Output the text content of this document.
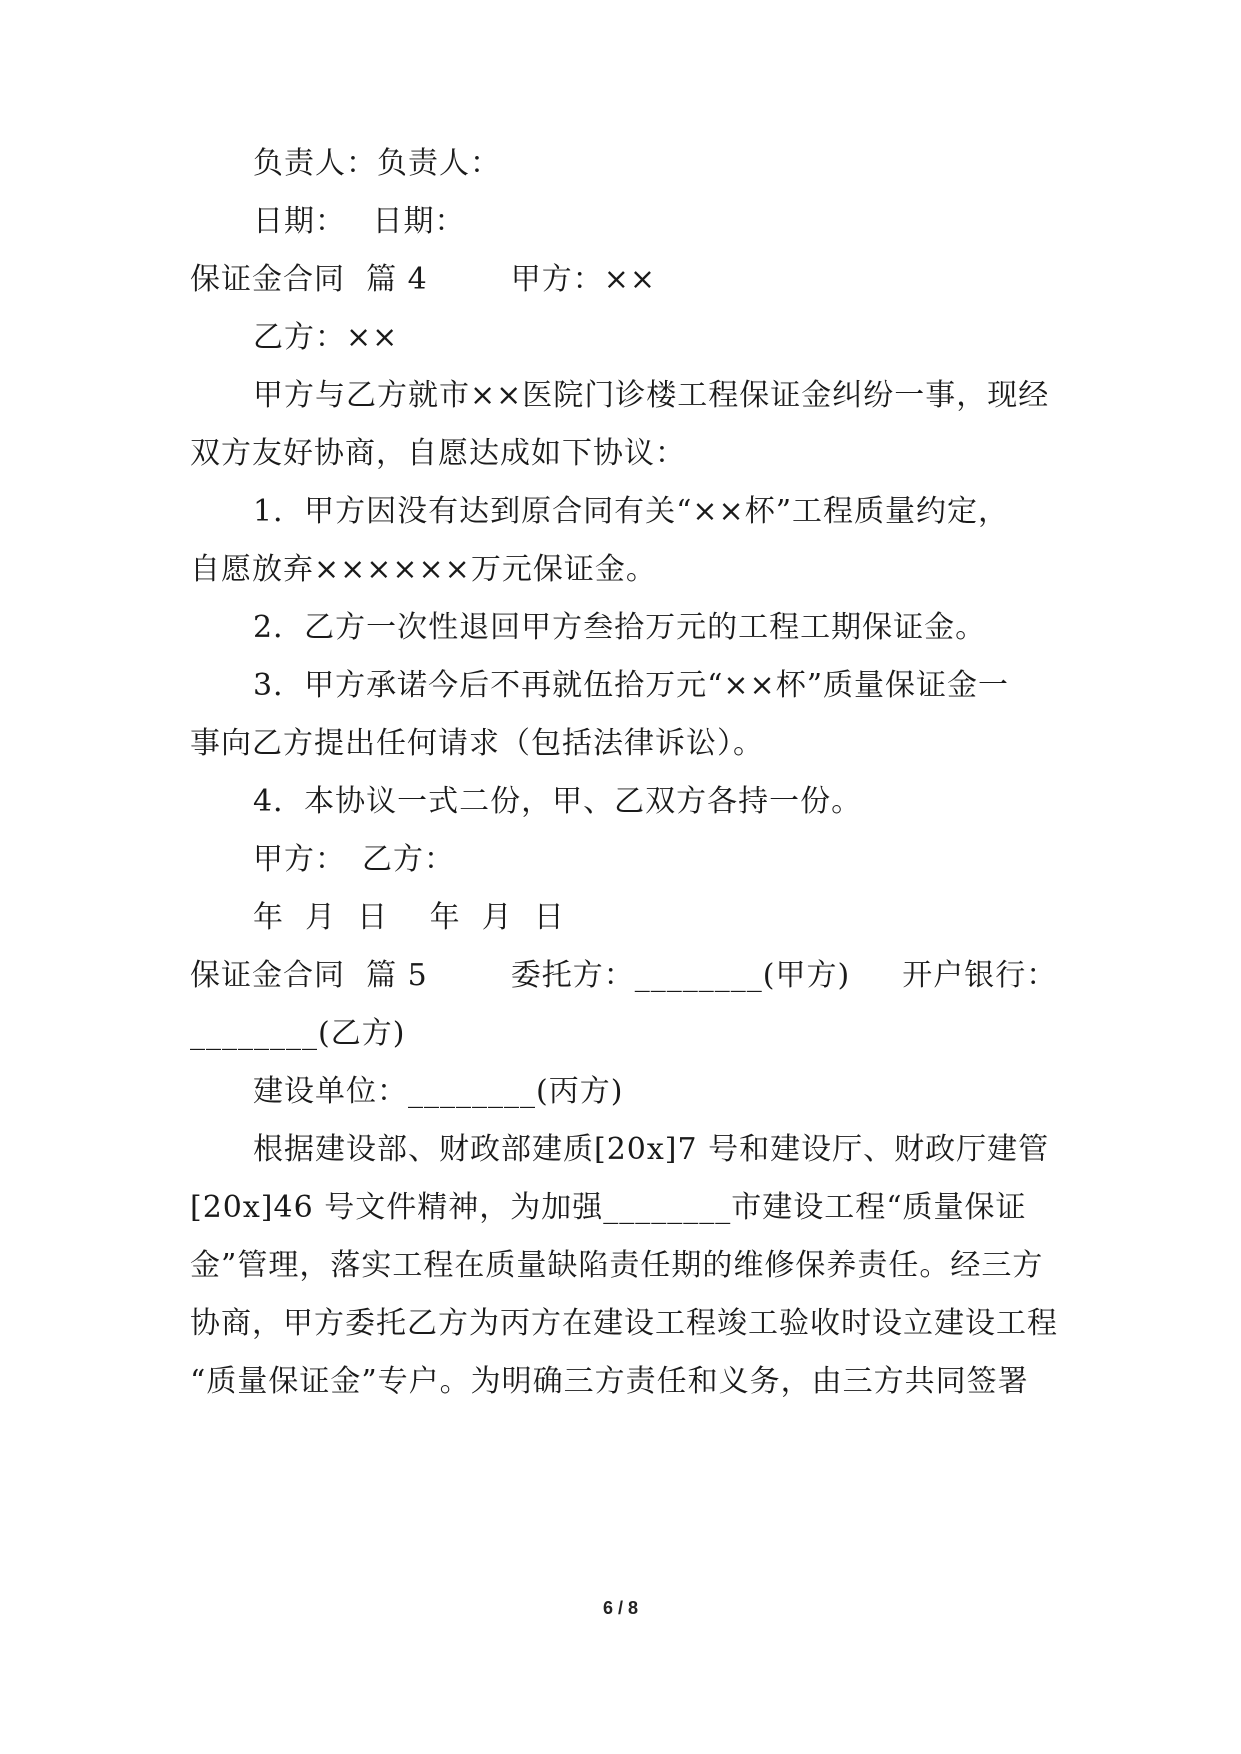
负责人：负责人：
日期：　 日期：
保证金合同  篇 4　　  甲方：××
乙方：××
甲方与乙方就市××医院门诊楼工程保证金纠纷一事，现经
双方友好协商，自愿达成如下协议：
1．甲方因没有达到原合同有关“××杯”工程质量约定，
自愿放弃××××××万元保证金。
2．乙方一次性退回甲方叁拾万元的工程工期保证金。
3．甲方承诺今后不再就伍拾万元“××杯”质量保证金一
事向乙方提出任何请求（包括法律诉讼）。
4．本协议一式二份，甲、乙双方各持一份。
甲方：　乙方：
年  月  日　 年  月  日
保证金合同  篇 5　　  委托方：________(甲方)　  开户银行：
________(乙方)
建设单位：________(丙方)
根据建设部、财政部建质[20x]7 号和建设厅、财政厅建管
[20x]46 号文件精神，为加强________市建设工程“质量保证
金”管理，落实工程在质量缺陷责任期的维修保养责任。经三方
协商，甲方委托乙方为丙方在建设工程竣工验收时设立建设工程
“质量保证金”专户。为明确三方责任和义务，由三方共同签署
6 / 8
